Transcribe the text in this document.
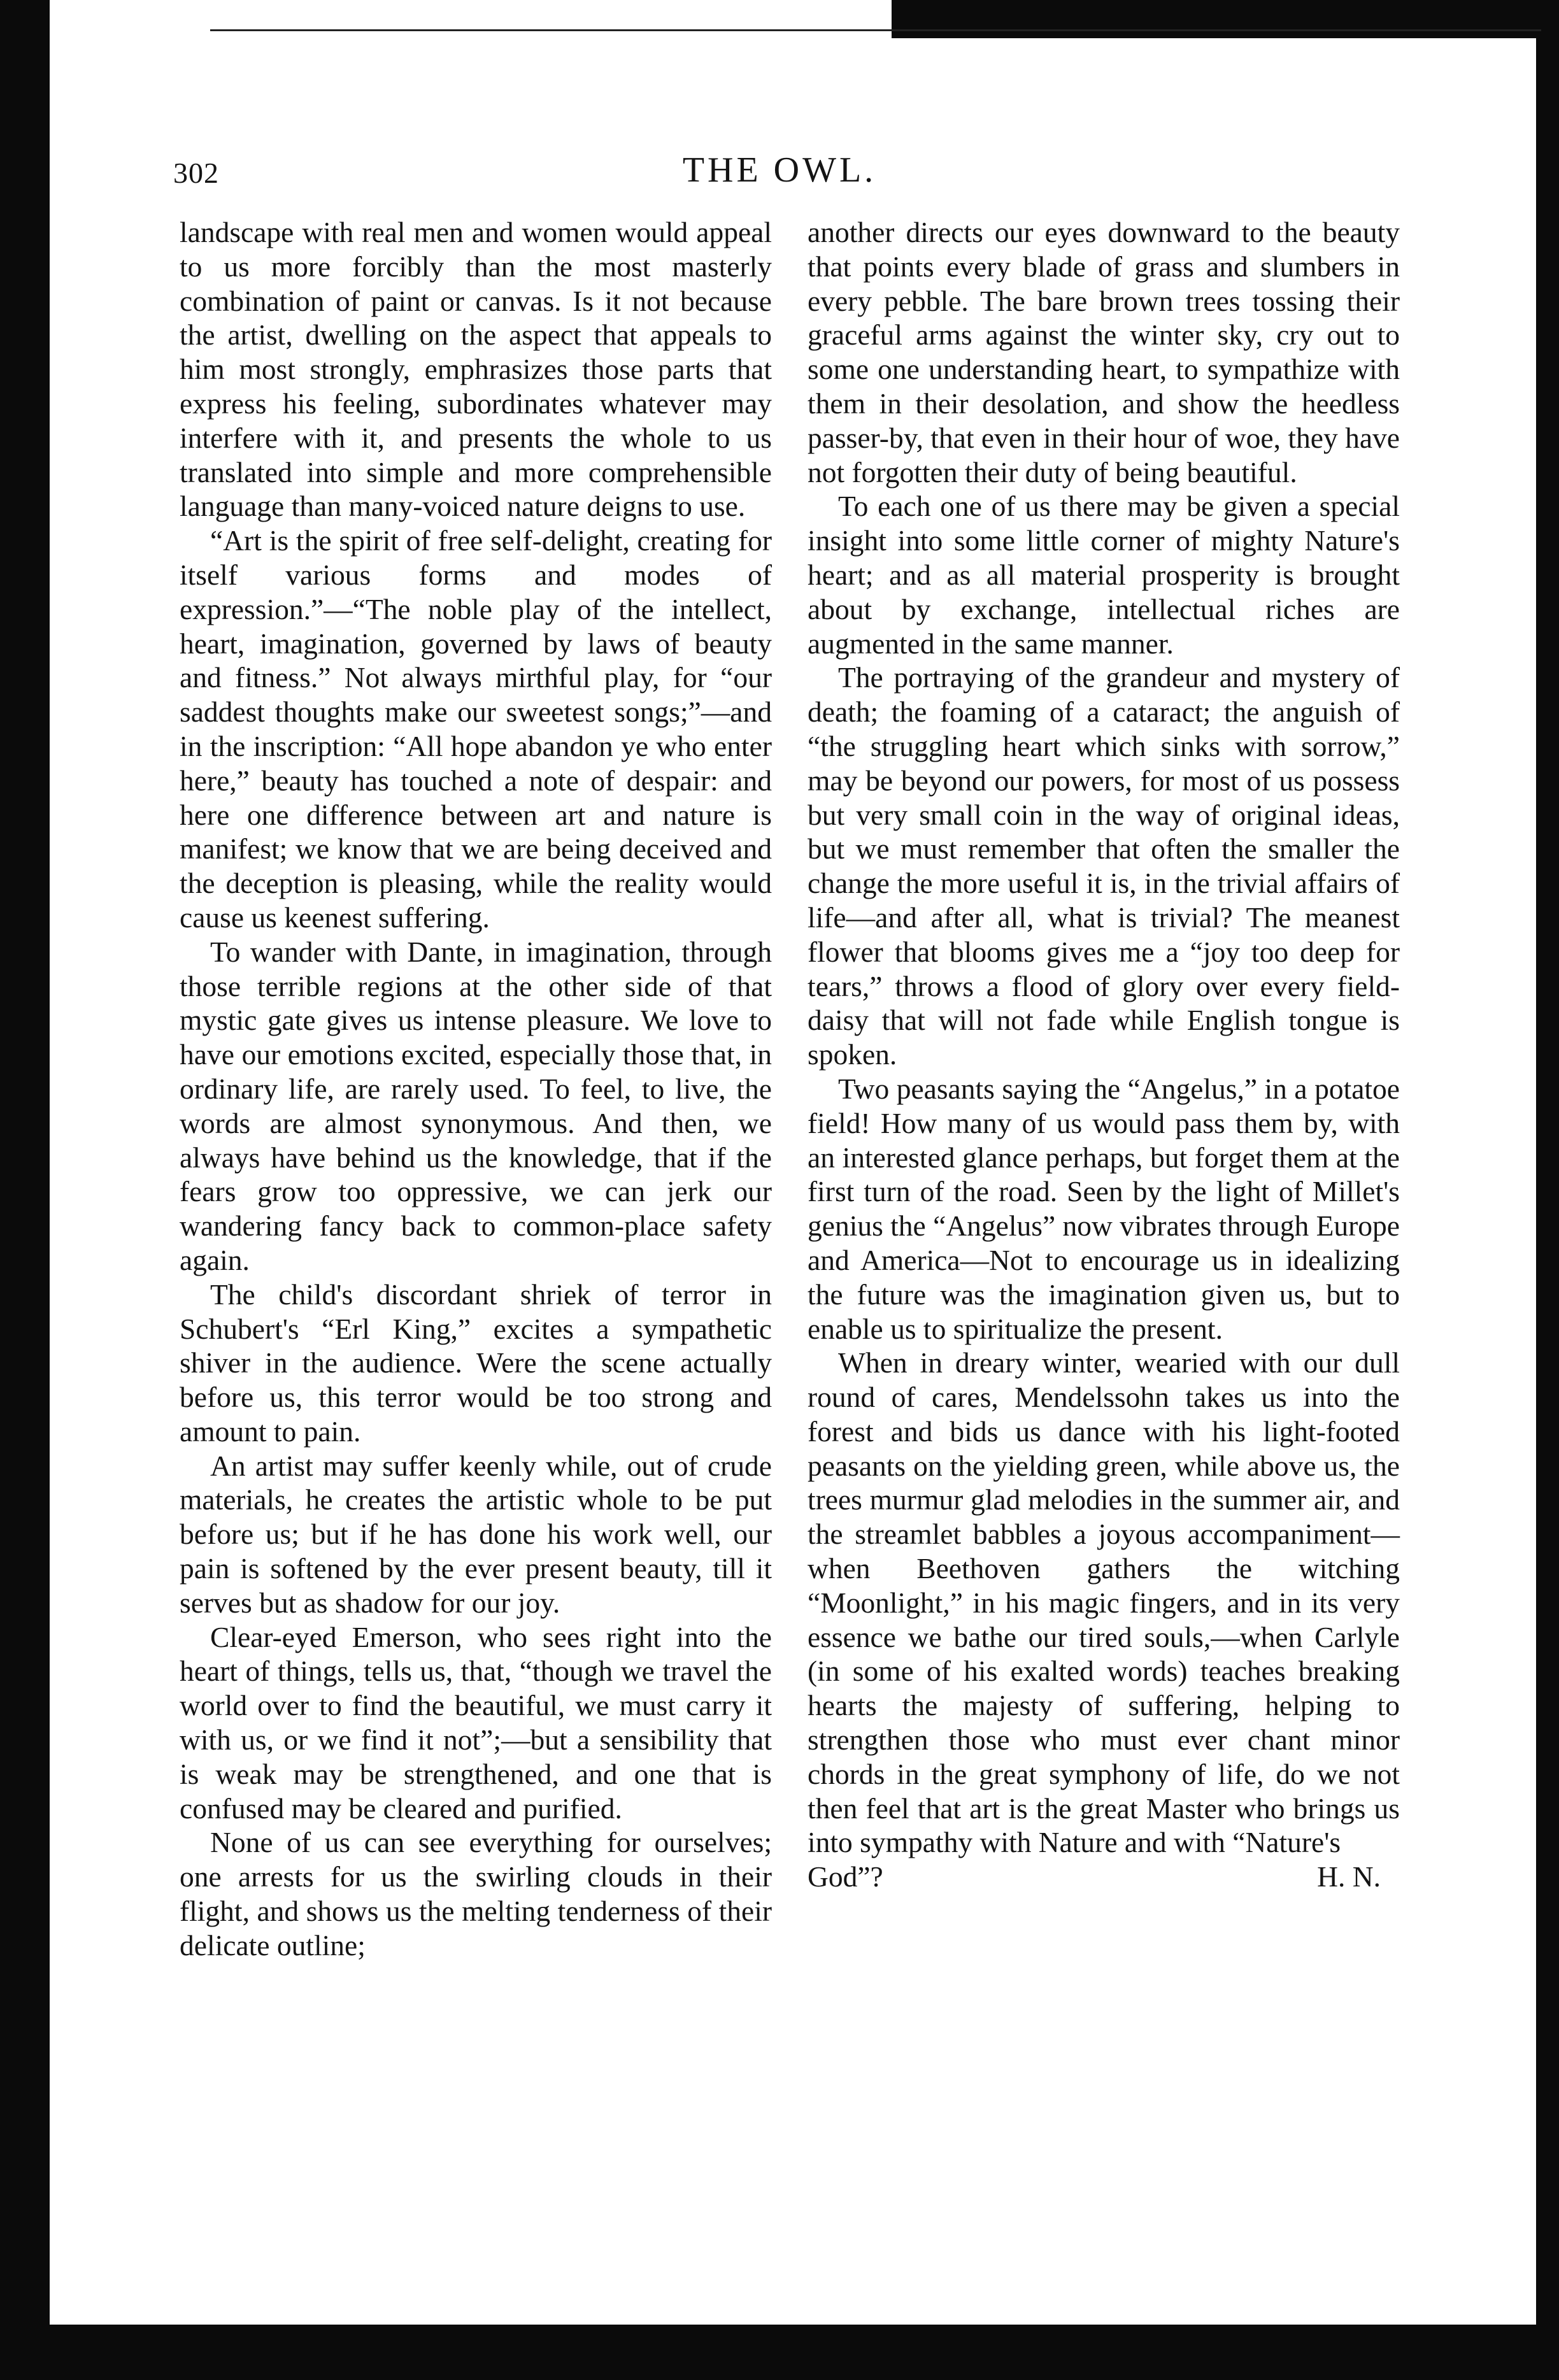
302	THE OWL.

landscape with real men and women would appeal to us more forcibly than the most masterly combination of paint or canvas. Is it not because the artist, dwelling on the aspect that appeals to him most strongly, emphrasizes those parts that express his feeling, subordinates whatever may interfere with it, and presents the whole to us translated into simple and more comprehensible language than many-voiced nature deigns to use.

“Art is the spirit of free self-delight, creating for itself various forms and modes of expression.”—“The noble play of the intellect, heart, imagination, governed by laws of beauty and fitness.” Not always mirthful play, for “our saddest thoughts make our sweetest songs;”—and in the inscription: “All hope abandon ye who enter here,” beauty has touched a note of despair: and here one difference between art and nature is manifest; we know that we are being deceived and the deception is pleasing, while the reality would cause us keenest suffering.

To wander with Dante, in imagination, through those terrible regions at the other side of that mystic gate gives us intense pleasure. We love to have our emotions excited, especially those that, in ordinary life, are rarely used. To feel, to live, the words are almost synonymous. And then, we always have behind us the knowledge, that if the fears grow too oppressive, we can jerk our wandering fancy back to common-place safety again.

The child's discordant shriek of terror in Schubert's “Erl King,” excites a sympathetic shiver in the audience. Were the scene actually before us, this terror would be too strong and amount to pain.

An artist may suffer keenly while, out of crude materials, he creates the artistic whole to be put before us; but if he has done his work well, our pain is softened by the ever present beauty, till it serves but as shadow for our joy.

Clear-eyed Emerson, who sees right into the heart of things, tells us, that, “though we travel the world over to find the beautiful, we must carry it with us, or we find it not”;—but a sensibility that is weak may be strengthened, and one that is confused may be cleared and purified.

None of us can see everything for ourselves; one arrests for us the swirling clouds in their flight, and shows us the melting tenderness of their delicate outline;

another directs our eyes downward to the beauty that points every blade of grass and slumbers in every pebble. The bare brown trees tossing their graceful arms against the winter sky, cry out to some one understanding heart, to sympathize with them in their desolation, and show the heedless passer-by, that even in their hour of woe, they have not forgotten their duty of being beautiful.

To each one of us there may be given a special insight into some little corner of mighty Nature's heart; and as all material prosperity is brought about by exchange, intellectual riches are augmented in the same manner.

The portraying of the grandeur and mystery of death; the foaming of a cataract; the anguish of “the struggling heart which sinks with sorrow,” may be beyond our powers, for most of us possess but very small coin in the way of original ideas, but we must remember that often the smaller the change the more useful it is, in the trivial affairs of life—and after all, what is trivial? The meanest flower that blooms gives me a “joy too deep for tears,” throws a flood of glory over every field-daisy that will not fade while English tongue is spoken.

Two peasants saying the “Angelus,” in a potatoe field! How many of us would pass them by, with an interested glance perhaps, but forget them at the first turn of the road. Seen by the light of Millet's genius the “Angelus” now vibrates through Europe and America—Not to encourage us in idealizing the future was the imagination given us, but to enable us to spiritualize the present.

When in dreary winter, wearied with our dull round of cares, Mendelssohn takes us into the forest and bids us dance with his light-footed peasants on the yielding green, while above us, the trees murmur glad melodies in the summer air, and the streamlet babbles a joyous accompaniment—when Beethoven gathers the witching “Moonlight,” in his magic fingers, and in its very essence we bathe our tired souls,—when Carlyle (in some of his exalted words) teaches breaking hearts the majesty of suffering, helping to strengthen those who must ever chant minor chords in the great symphony of life, do we not then feel that art is the great Master who brings us into sympathy with Nature and with “Nature's

God”?	H. N.
